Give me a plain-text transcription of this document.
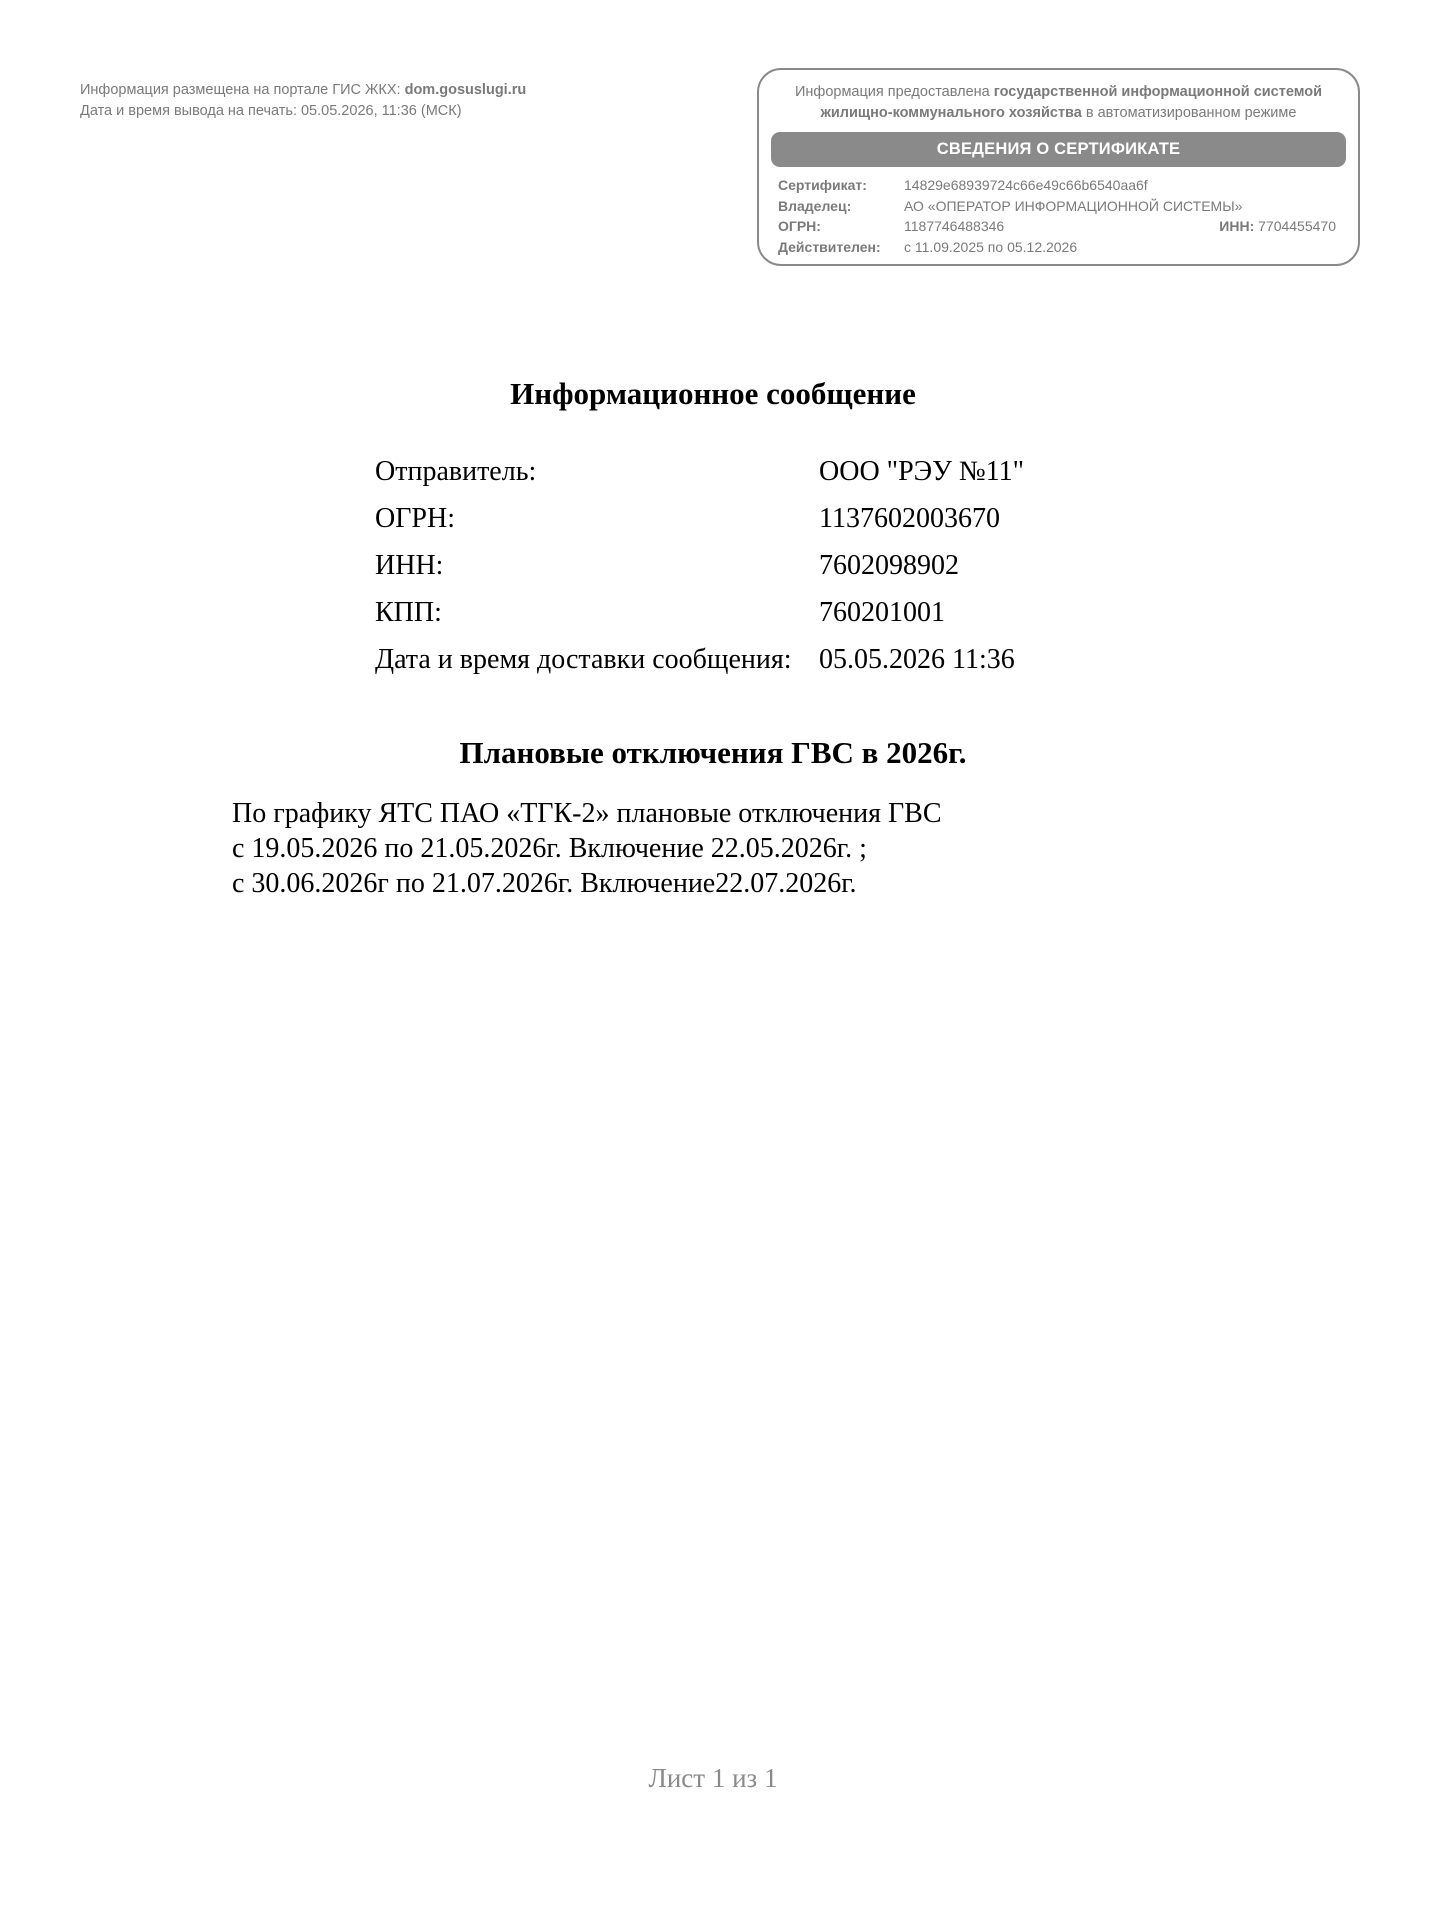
Информация размещена на портале ГИС ЖКХ: dom.gosuslugi.ru
Дата и время вывода на печать: 05.05.2026, 11:36 (МСК)
Информация предоставлена государственной информационной системой
жилищно-коммунального хозяйства в автоматизированном режиме
СВЕДЕНИЯ О СЕРТИФИКАТЕ
Сертификат:	14829e68939724c66e49c66b6540aa6f
Владелец:	АО «ОПЕРАТОР ИНФОРМАЦИОННОЙ СИСТЕМЫ»
ОГРН:	1187746488346	ИНН: 7704455470
Действителен: с 11.09.2025 по 05.12.2026
Информационное сообщение
Отправитель:	ООО "РЭУ №11"
ОГРН:	1137602003670
ИНН:	7602098902
КПП:	760201001
Дата и время доставки сообщения: 05.05.2026 11:36
Плановые отключения ГВС в 2026г.
По графику ЯТС ПАО «ТГК-2» плановые отключения ГВС
с 19.05.2026 по 21.05.2026г. Включение 22.05.2026г. ;
с 30.06.2026г по 21.07.2026г. Включение22.07.2026г.
Лист 1 из 1
